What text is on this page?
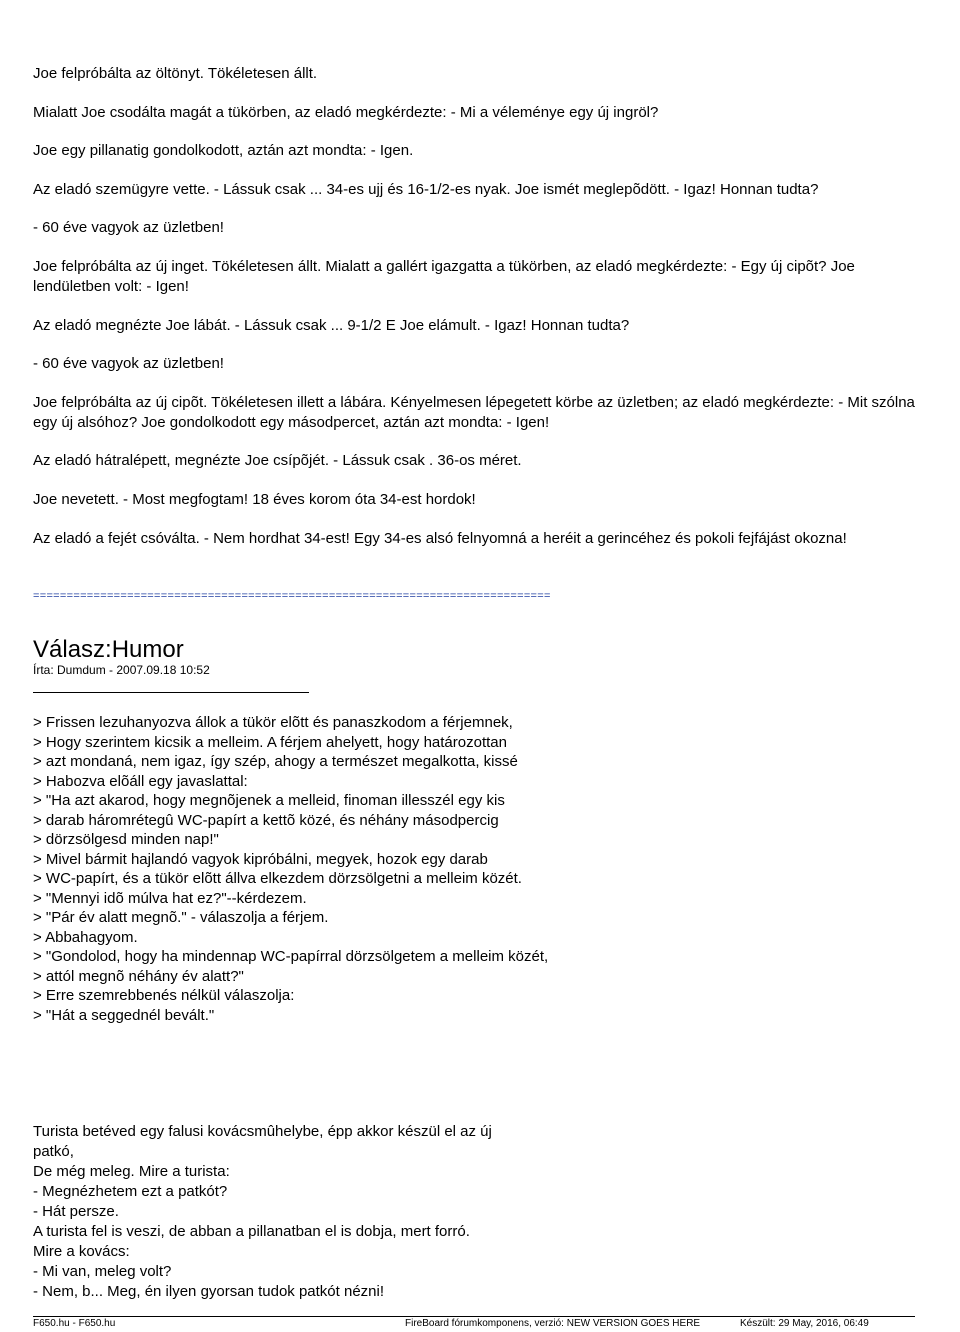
Joe felpróbálta az öltönyt. Tökéletesen állt.

Mialatt Joe csodálta magát a tükörben, az eladó megkérdezte: - Mi a véleménye egy új ingröl?

Joe egy pillanatig gondolkodott, aztán azt mondta: - Igen.

Az eladó szemügyre vette. - Lássuk csak ... 34-es ujj és 16-1/2-es nyak. Joe ismét meglepõdött. - Igaz! Honnan tudta?

- 60 éve vagyok az üzletben!

Joe felpróbálta az új inget. Tökéletesen állt. Mialatt a gallért igazgatta a tükörben, az eladó megkérdezte: - Egy új cipõt? Joe lendületben volt: - Igen!

Az eladó megnézte Joe lábát. - Lássuk csak ... 9-1/2 E Joe elámult. - Igaz! Honnan tudta?

- 60 éve vagyok az üzletben!

Joe felpróbálta az új cipõt. Tökéletesen illett a lábára. Kényelmesen lépegetett körbe az üzletben; az eladó megkérdezte: - Mit szólna egy új alsóhoz? Joe gondolkodott egy másodpercet, aztán azt mondta: - Igen!

Az eladó hátralépett, megnézte Joe csípõjét. - Lássuk csak . 36-os méret.

Joe nevetett. - Most megfogtam! 18 éves korom óta 34-est hordok!

Az eladó a fejét csóválta. - Nem hordhat 34-est! Egy 34-es alsó felnyomná a heréit a gerincéhez és pokoli fejfájást okozna!

=============================================================================
Válasz:Humor
Írta: Dumdum - 2007.09.18 10:52
> Frissen lezuhanyozva állok a tükör elõtt és panaszkodom a férjemnek,
> Hogy szerintem kicsik a melleim. A férjem ahelyett, hogy határozottan
> azt mondaná, nem igaz, így szép, ahogy a természet megalkotta, kissé
> Habozva elõáll egy javaslattal:
> "Ha azt akarod, hogy megnõjenek a melleid, finoman illesszél egy kis
> darab háromrétegû WC-papírt a kettõ közé, és néhány másodpercig
> dörzsölgesd minden nap!"
> Mivel bármit hajlandó vagyok kipróbálni, megyek, hozok egy darab
> WC-papírt, és a tükör elõtt állva elkezdem dörzsölgetni a melleim közét.
> "Mennyi idõ múlva hat ez?"--kérdezem.
> "Pár év alatt megnõ." - válaszolja a férjem.
> Abbahagyom.
> "Gondolod, hogy ha mindennap WC-papírral dörzsölgetem a melleim közét,
> attól megnõ néhány év alatt?"
> Erre szemrebbenés nélkül válaszolja:
> "Hát a seggednél bevált."
Turista betéved egy falusi kovácsmûhelybe, épp akkor készül el az új
patkó,
De még meleg. Mire a turista:
- Megnézhetem ezt a patkót?
- Hát persze.
A turista fel is veszi, de abban a pillanatban el is dobja, mert forró.
Mire a kovács:
- Mi van, meleg volt?
- Nem, b... Meg, én ilyen gyorsan tudok patkót nézni!
F650.hu - F650.hu	FireBoard fórumkomponens, verzió: NEW VERSION GOES HERE	Készült: 29 May, 2016, 06:49
